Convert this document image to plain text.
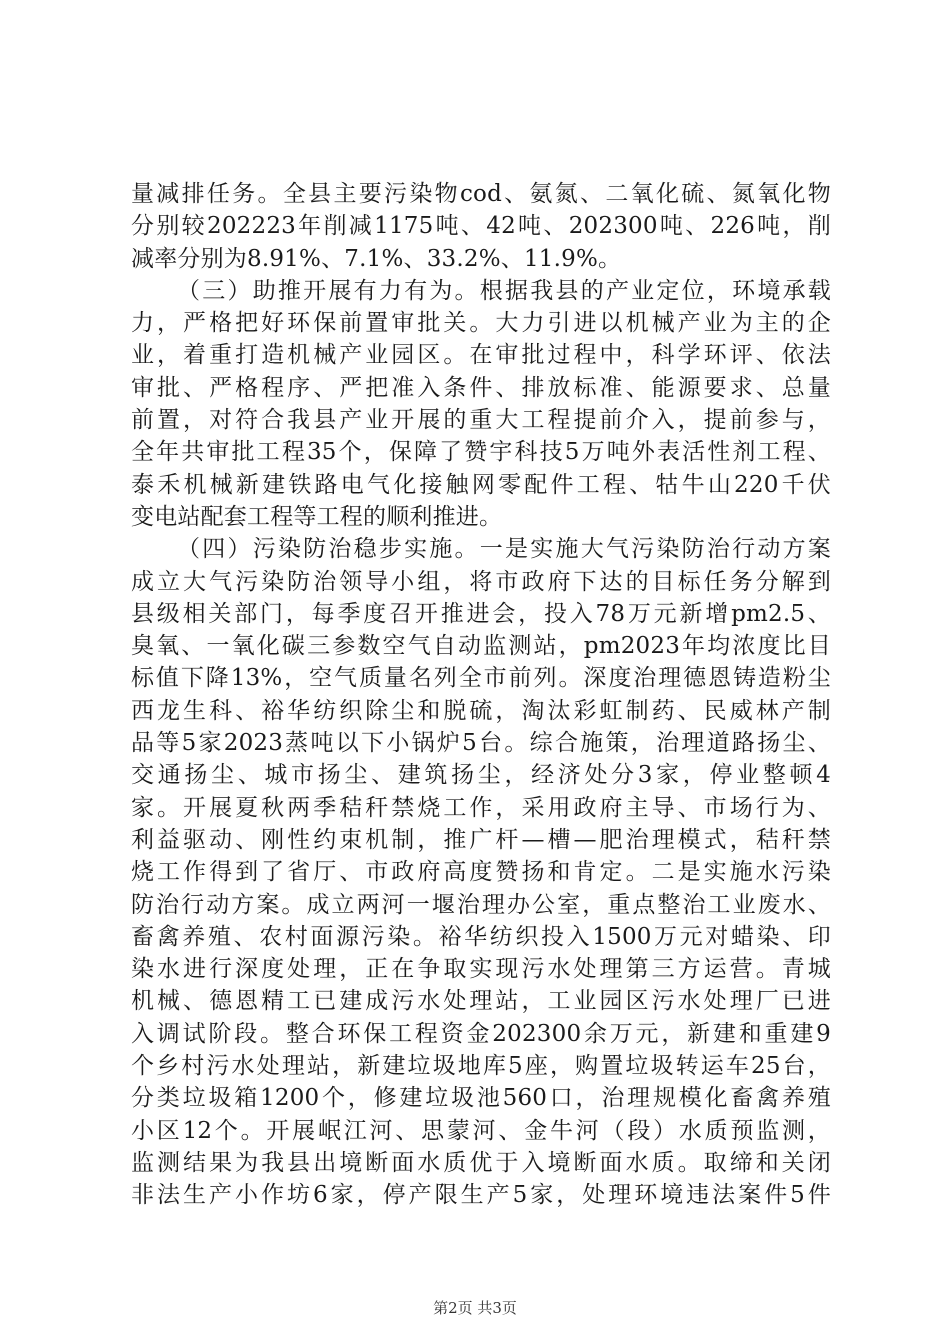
量减排任务。全县主要污染物cod、氨氮、二氧化硫、氮氧化物
分别较202223年削减1175吨、42吨、202300吨、226吨，削
减率分别为8.91%、7.1%、33.2%、11.9%。
（三）助推开展有力有为。根据我县的产业定位，环境承载
力，严格把好环保前置审批关。大力引进以机械产业为主的企
业，着重打造机械产业园区。在审批过程中，科学环评、依法
审批、严格程序、严把准入条件、排放标准、能源要求、总量
前置，对符合我县产业开展的重大工程提前介入，提前参与，
全年共审批工程35个，保障了赞宇科技5万吨外表活性剂工程、
泰禾机械新建铁路电气化接触网零配件工程、牯牛山220千伏
变电站配套工程等工程的顺利推进。
（四）污染防治稳步实施。一是实施大气污染防治行动方案
成立大气污染防治领导小组，将市政府下达的目标任务分解到
县级相关部门，每季度召开推进会，投入78万元新增pm2.5、
臭氧、一氧化碳三参数空气自动监测站，pm2023年均浓度比目
标值下降13%，空气质量名列全市前列。深度治理德恩铸造粉尘
西龙生科、裕华纺织除尘和脱硫，淘汰彩虹制药、民威林产制
品等5家2023蒸吨以下小锅炉5台。综合施策，治理道路扬尘、
交通扬尘、城市扬尘、建筑扬尘，经济处分3家，停业整顿4
家。开展夏秋两季秸秆禁烧工作，采用政府主导、市场行为、
利益驱动、刚性约束机制，推广杆—槽—肥治理模式，秸秆禁
烧工作得到了省厅、市政府高度赞扬和肯定。二是实施水污染
防治行动方案。成立两河一堰治理办公室，重点整治工业废水、
畜禽养殖、农村面源污染。裕华纺织投入1500万元对蜡染、印
染水进行深度处理，正在争取实现污水处理第三方运营。青城
机械、德恩精工已建成污水处理站，工业园区污水处理厂已进
入调试阶段。整合环保工程资金202300余万元，新建和重建9
个乡村污水处理站，新建垃圾地库5座，购置垃圾转运车25台，
分类垃圾箱1200个，修建垃圾池560口，治理规模化畜禽养殖
小区12个。开展岷江河、思蒙河、金牛河（段）水质预监测，
监测结果为我县出境断面水质优于入境断面水质。取缔和关闭
非法生产小作坊6家，停产限生产5家，处理环境违法案件5件
第2页 共3页
